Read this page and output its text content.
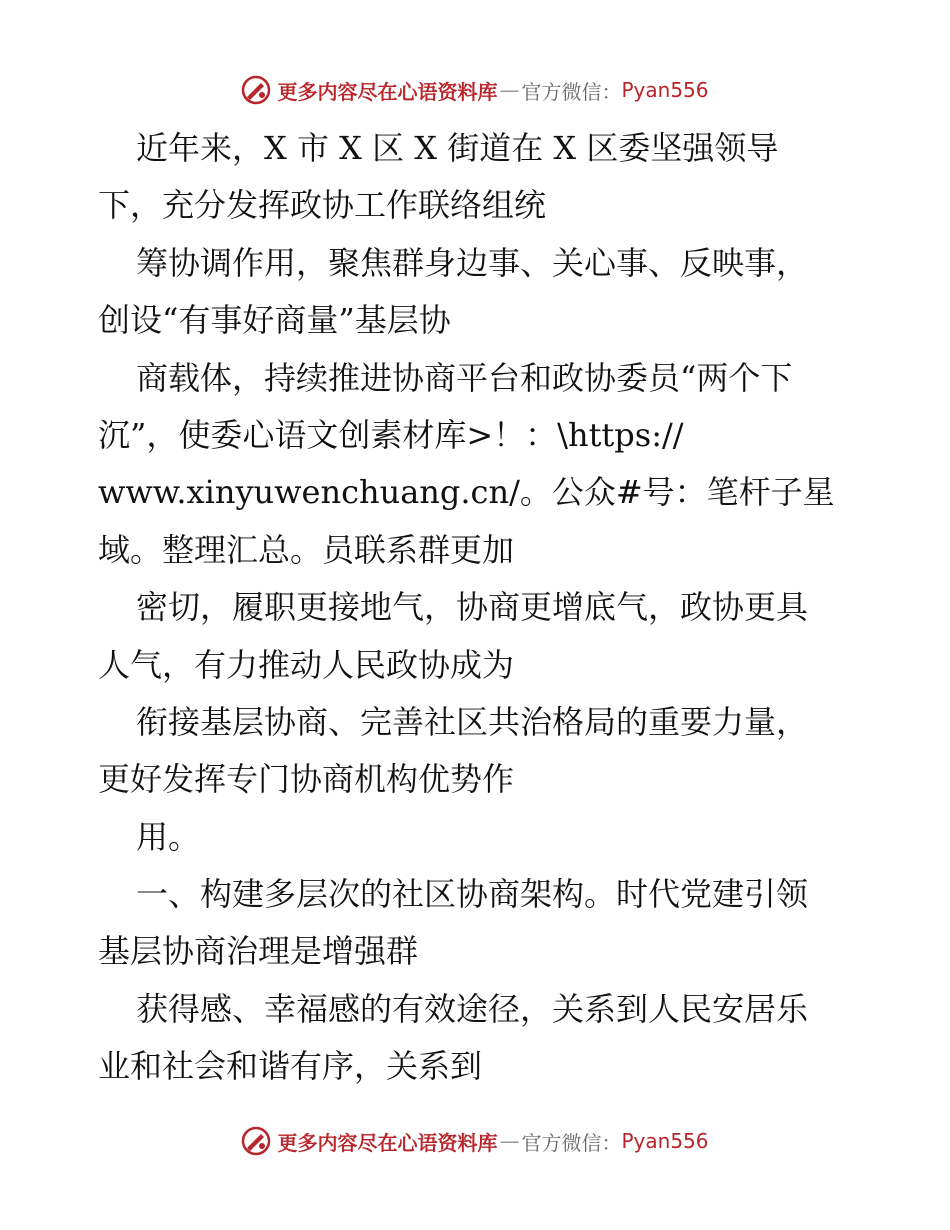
更多内容尽在心语资料库 — 官方微信： Pyan556
近年来，X 市 X 区 X 街道在 X 区委坚强领导
下，充分发挥政协工作联络组统
筹协调作用，聚焦群身边事、关心事、反映事，
创设“有事好商量”基层协
商载体，持续推进协商平台和政协委员“两个下
沉”，使委心语文创素材库>！：\https://
www.xinyuwenchuang.cn/。公众#号：笔杆子星
域。整理汇总。员联系群更加
密切，履职更接地气，协商更增底气，政协更具
人气，有力推动人民政协成为
衔接基层协商、完善社区共治格局的重要力量，
更好发挥专门协商机构优势作
用。
一、构建多层次的社区协商架构。时代党建引领
基层协商治理是增强群
获得感、幸福感的有效途径，关系到人民安居乐
业和社会和谐有序，关系到
更多内容尽在心语资料库 — 官方微信： Pyan556
